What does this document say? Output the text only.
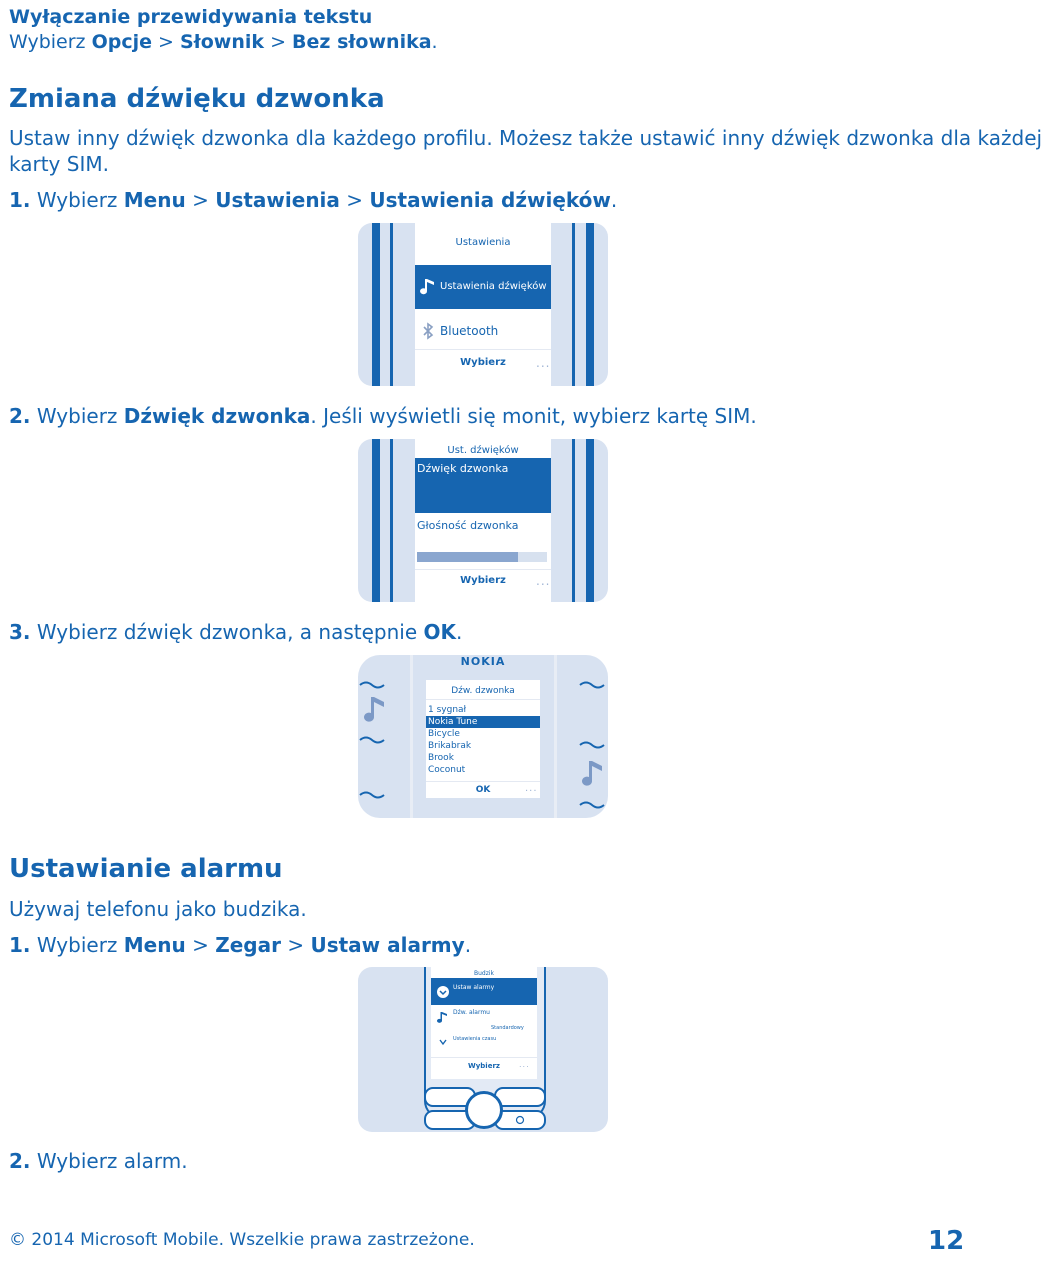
Wyłączanie przewidywania tekstu
Wybierz Opcje > Słownik > Bez słownika.
Zmiana dźwięku dzwonka
Ustaw inny dźwięk dzwonka dla każdego profilu. Możesz także ustawić inny dźwięk dzwonka dla każdej
karty SIM.
1. Wybierz Menu > Ustawienia > Ustawienia dźwięków.
Ustawienia
Ustawienia dźwięków
Bluetooth
Wybierz	...
2. Wybierz Dźwięk dzwonka. Jeśli wyświetli się monit, wybierz kartę SIM.
Ust. dźwięków
Dźwięk dzwonka
Głośność dzwonka
Wybierz	...
3. Wybierz dźwięk dzwonka, a następnie OK.
NOKIA
Dźw. dzwonka
1 sygnał
Nokia Tune
Bicycle
Brikabrak
Brook
Coconut
OK	...
Ustawianie alarmu
Używaj telefonu jako budzika.
1. Wybierz Menu > Zegar > Ustaw alarmy.
Budzik
Ustaw alarmy
Dźw. alarmu
Standardowy
Ustawienia czasu
Wybierz	...
2. Wybierz alarm.
© 2014 Microsoft Mobile. Wszelkie prawa zastrzeżone.	12
